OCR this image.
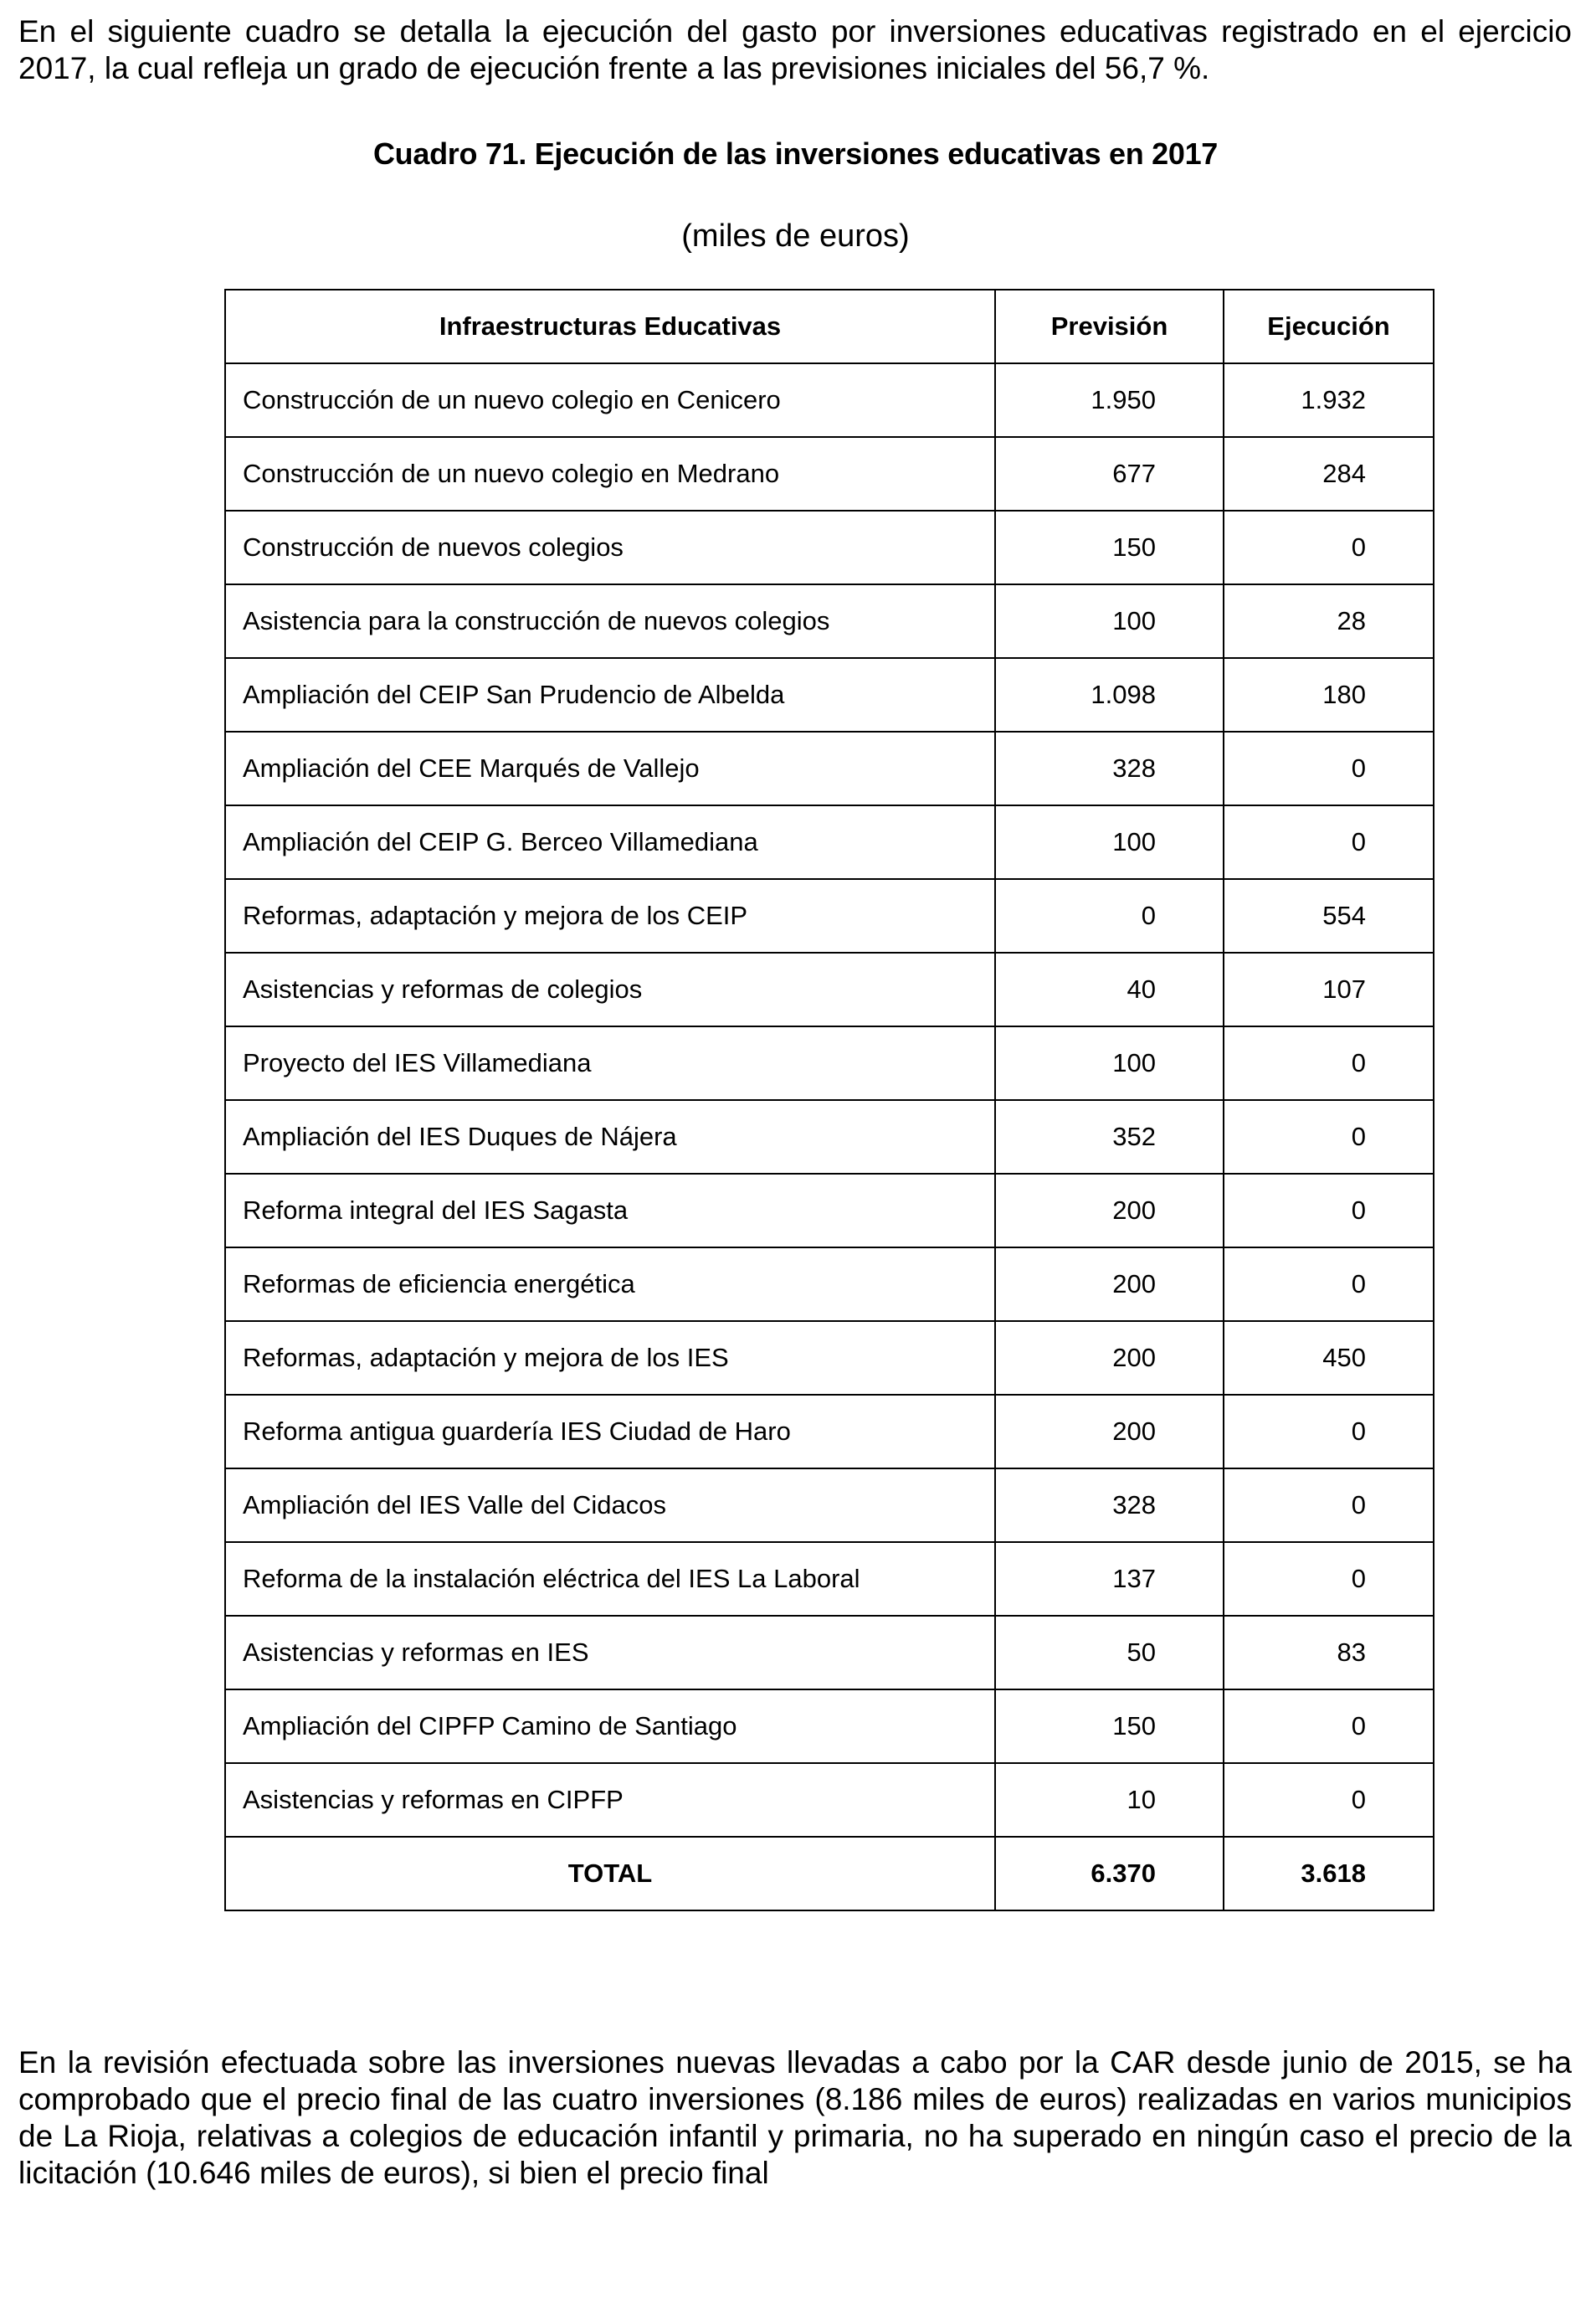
En el siguiente cuadro se detalla la ejecución del gasto por inversiones educativas registrado en el ejercicio 2017, la cual refleja un grado de ejecución frente a las previsiones iniciales del 56,7 %.

Cuadro 71. Ejecución de las inversiones educativas en 2017

(miles de euros)

Infraestructuras Educativas	Previsión	Ejecución
Construcción de un nuevo colegio en Cenicero	1.950	1.932
Construcción de un nuevo colegio en Medrano	677	284
Construcción de nuevos colegios	150	0
Asistencia para la construcción de nuevos colegios	100	28
Ampliación del CEIP San Prudencio de Albelda	1.098	180
Ampliación del CEE Marqués de Vallejo	328	0
Ampliación del CEIP G. Berceo Villamediana	100	0
Reformas, adaptación y mejora de los CEIP	0	554
Asistencias y reformas de colegios	40	107
Proyecto del IES Villamediana	100	0
Ampliación del IES Duques de Nájera	352	0
Reforma integral del IES Sagasta	200	0
Reformas de eficiencia energética	200	0
Reformas, adaptación y mejora de los IES	200	450
Reforma antigua guardería IES Ciudad de Haro	200	0
Ampliación del IES Valle del Cidacos	328	0
Reforma de la instalación eléctrica del IES La Laboral	137	0
Asistencias y reformas en IES	50	83
Ampliación del CIPFP Camino de Santiago	150	0
Asistencias y reformas en CIPFP	10	0
TOTAL	6.370	3.618

En la revisión efectuada sobre las inversiones nuevas llevadas a cabo por la CAR desde junio de 2015, se ha comprobado que el precio final de las cuatro inversiones (8.186 miles de euros) realizadas en varios municipios de La Rioja, relativas a colegios de educación infantil y primaria, no ha superado en ningún caso el precio de la licitación (10.646 miles de euros), si bien el precio final
